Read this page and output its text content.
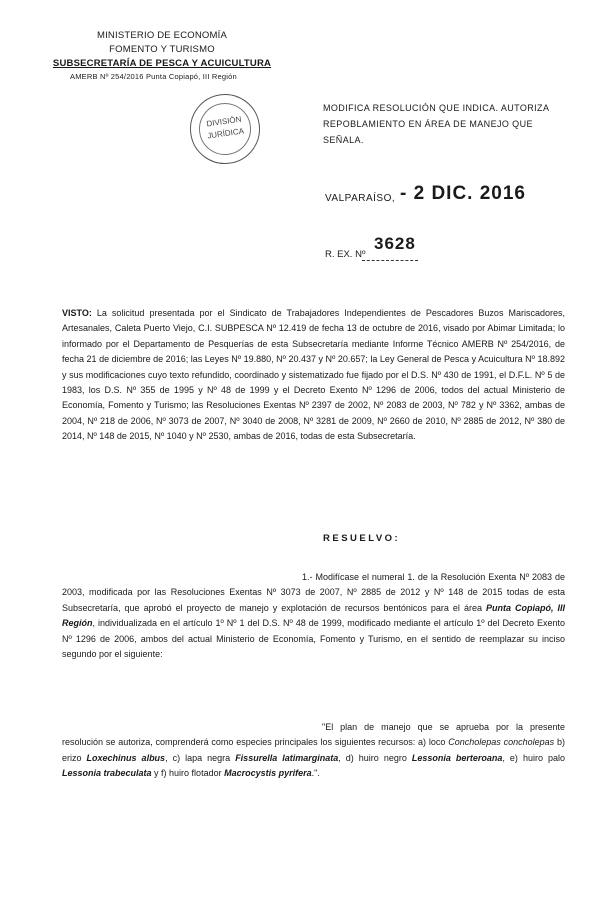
MINISTERIO DE ECONOMÍA
FOMENTO Y TURISMO
SUBSECRETARÍA DE PESCA Y ACUICULTURA
AMERB Nº 254/2016 Punta Copiapó, III Región
DIVISIÓN
JURÍDICA
MODIFICA RESOLUCIÓN QUE INDICA. AUTORIZA REPOBLAMIENTO EN ÁREA DE MANEJO QUE SEÑALA.
VALPARAÍSO, - 2 DIC. 2016
R. EX. Nº
3628
VISTO: La solicitud presentada por el Sindicato de Trabajadores Independientes de Pescadores Buzos Mariscadores, Artesanales, Caleta Puerto Viejo, C.I. SUBPESCA Nº 12.419 de fecha 13 de octubre de 2016, visado por Abimar Limitada; lo informado por el Departamento de Pesquerías de esta Subsecretaría mediante Informe Técnico AMERB Nº 254/2016, de fecha 21 de diciembre de 2016; las Leyes Nº 19.880, Nº 20.437 y Nº 20.657; la Ley General de Pesca y Acuicultura Nº 18.892 y sus modificaciones cuyo texto refundido, coordinado y sistematizado fue fijado por el D.S. Nº 430 de 1991, el D.F.L. Nº 5 de 1983, los D.S. Nº 355 de 1995 y Nº 48 de 1999 y el Decreto Exento Nº 1296 de 2006, todos del actual Ministerio de Economía, Fomento y Turismo; las Resoluciones Exentas Nº 2397 de 2002, Nº 2083 de 2003, Nº 782 y Nº 3362, ambas de 2004, Nº 218 de 2006, Nº 3073 de 2007, Nº 3040 de 2008, Nº 3281 de 2009, Nº 2660 de 2010, Nº 2885 de 2012, Nº 380 de 2014, Nº 148 de 2015, Nº 1040 y Nº 2530, ambas de 2016, todas de esta Subsecretaría.
RESUELVO:
1.- Modifícase el numeral 1. de la Resolución Exenta Nº 2083 de 2003, modificada por las Resoluciones Exentas Nº 3073 de 2007, Nº 2885 de 2012 y Nº 148 de 2015 todas de esta Subsecretaría, que aprobó el proyecto de manejo y explotación de recursos bentónicos para el área Punta Copiapó, III Región, individualizada en el artículo 1º Nº 1 del D.S. Nº 48 de 1999, modificado mediante el artículo 1º del Decreto Exento Nº 1296 de 2006, ambos del actual Ministerio de Economía, Fomento y Turismo, en el sentido de reemplazar su inciso segundo por el siguiente:
"El plan de manejo que se aprueba por la presente resolución se autoriza, comprenderá como especies principales los siguientes recursos: a) loco Concholepas concholepas b) erizo Loxechinus albus, c) lapa negra Fissurella latimarginata, d) huiro negro Lessonia berteroana, e) huiro palo Lessonia trabeculata y f) huiro flotador Macrocystis pyrifera.".
